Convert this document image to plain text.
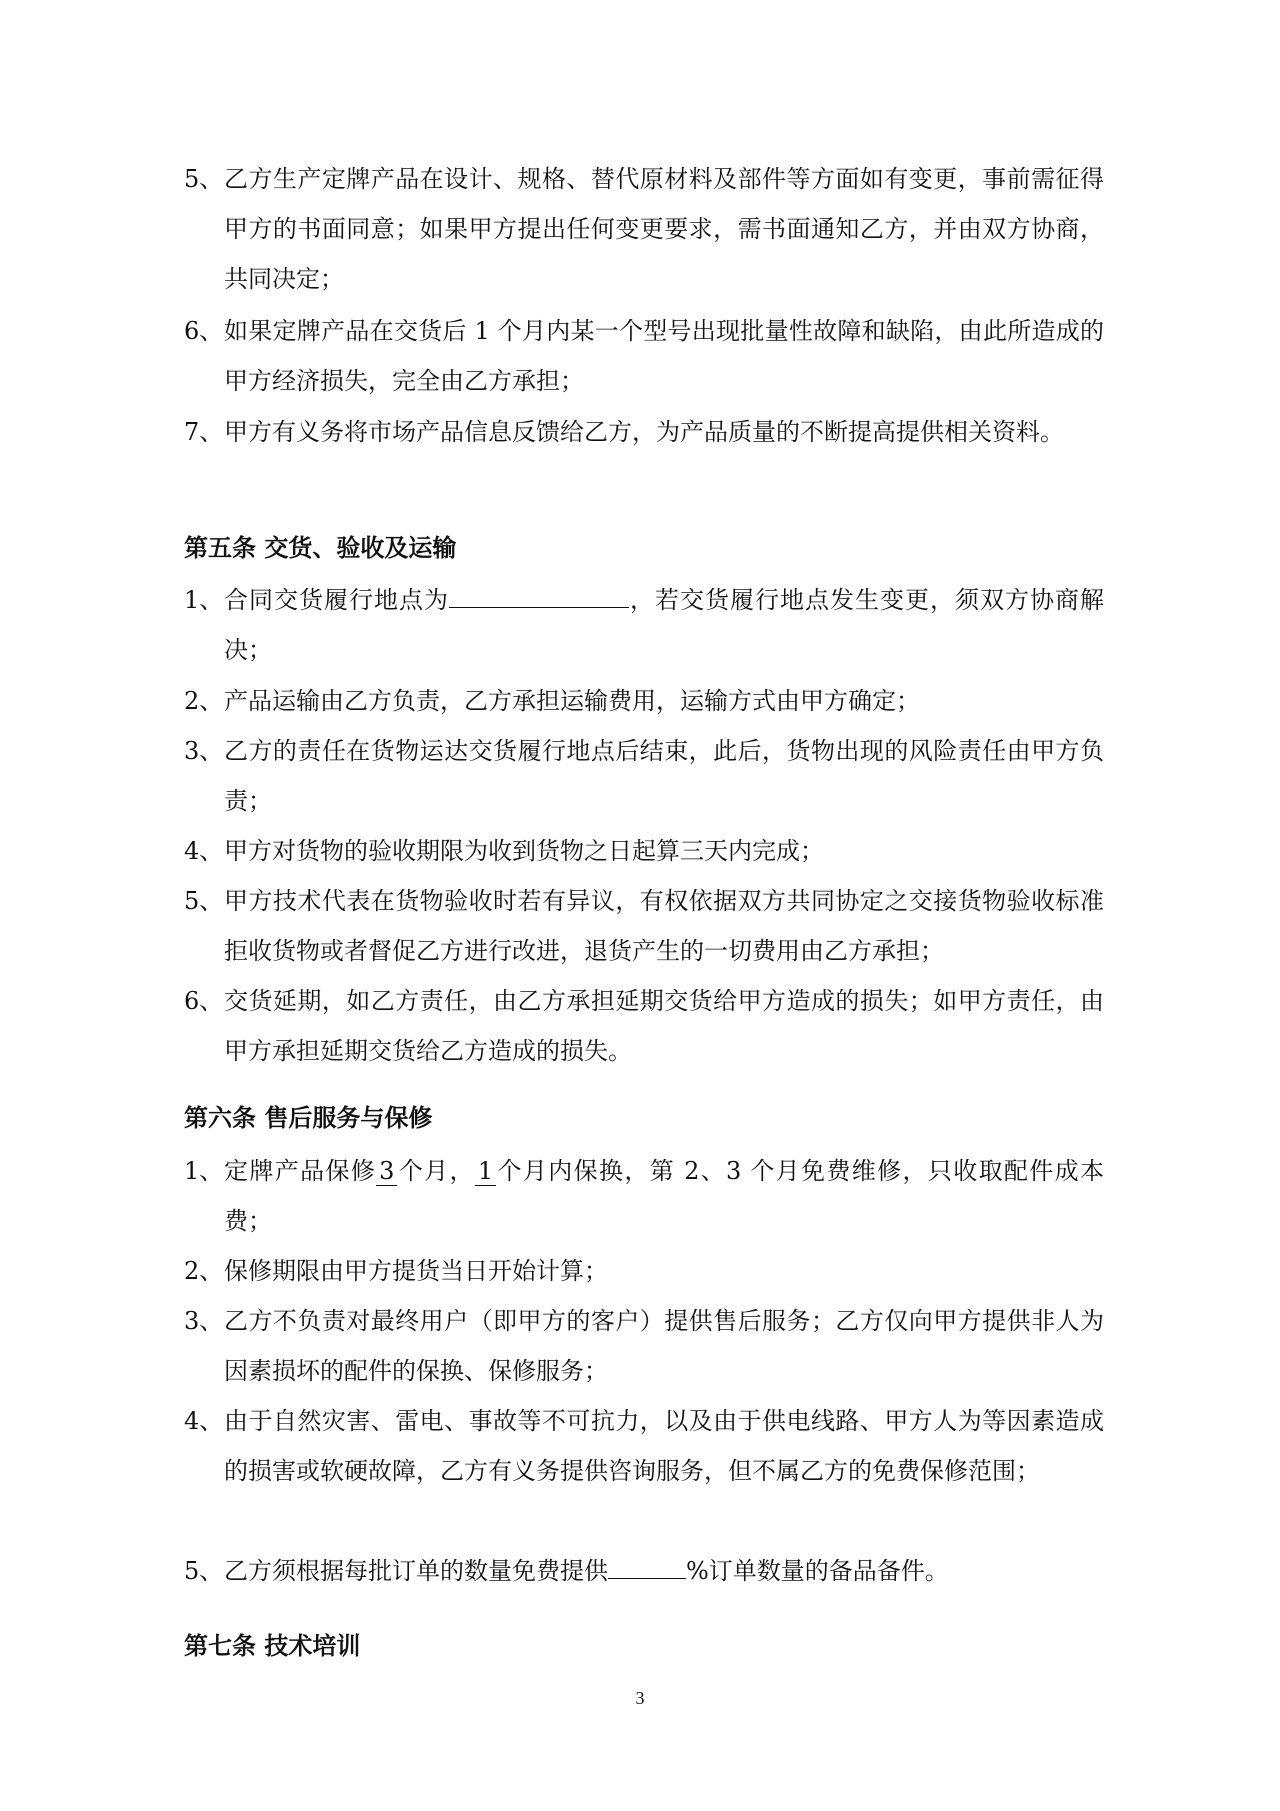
5、 乙方生产定牌产品在设计、规格、替代原材料及部件等方面如有变更，事前需征得甲方的书面同意；如果甲方提出任何变更要求，需书面通知乙方，并由双方协商，共同决定；
6、 如果定牌产品在交货后 1 个月内某一个型号出现批量性故障和缺陷，由此所造成的甲方经济损失，完全由乙方承担；
7、 甲方有义务将市场产品信息反馈给乙方，为产品质量的不断提高提供相关资料。
第五条 交货、验收及运输
1、 合同交货履行地点为	，若交货履行地点发生变更，须双方协商解决；
2、 产品运输由乙方负责，乙方承担运输费用，运输方式由甲方确定；
3、 乙方的责任在货物运达交货履行地点后结束，此后，货物出现的风险责任由甲方负责；
4、 甲方对货物的验收期限为收到货物之日起算三天内完成；
5、 甲方技术代表在货物验收时若有异议，有权依据双方共同协定之交接货物验收标准拒收货物或者督促乙方进行改进，退货产生的一切费用由乙方承担；
6、 交货延期，如乙方责任，由乙方承担延期交货给甲方造成的损失；如甲方责任，由甲方承担延期交货给乙方造成的损失。
第六条 售后服务与保修
1、 定牌产品保修 3 个月， 1 个月内保换，第 2、3 个月免费维修，只收取配件成本费；
2、 保修期限由甲方提货当日开始计算；
3、 乙方不负责对最终用户（即甲方的客户）提供售后服务；乙方仅向甲方提供非人为因素损坏的配件的保换、保修服务；
4、 由于自然灾害、雷电、事故等不可抗力，以及由于供电线路、甲方人为等因素造成的损害或软硬故障，乙方有义务提供咨询服务，但不属乙方的免费保修范围；
5、 乙方须根据每批订单的数量免费提供	%订单数量的备品备件。
第七条 技术培训
3
